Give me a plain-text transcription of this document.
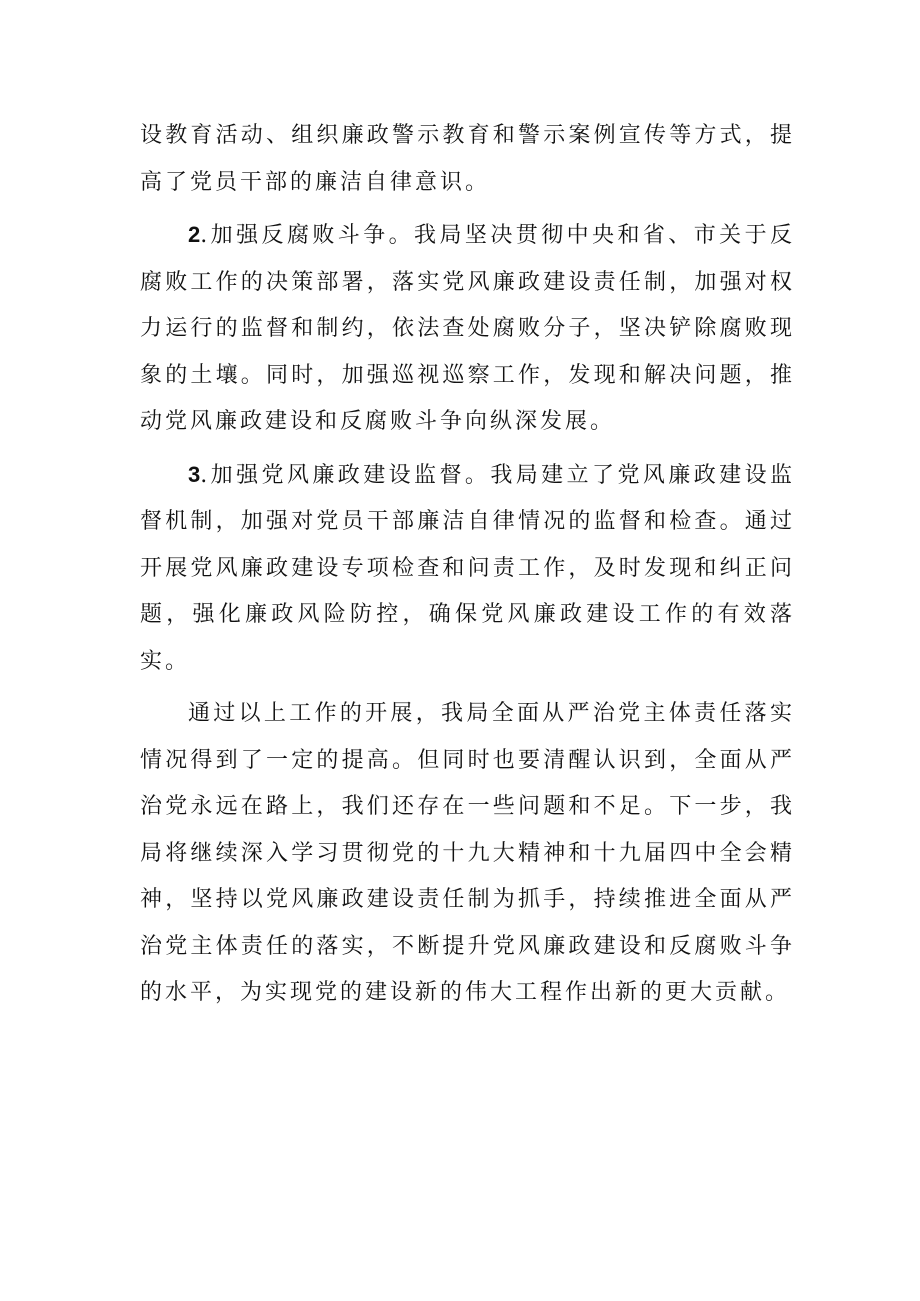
设教育活动、组织廉政警示教育和警示案例宣传等方式，提高了党员干部的廉洁自律意识。

2.加强反腐败斗争。我局坚决贯彻中央和省、市关于反腐败工作的决策部署，落实党风廉政建设责任制，加强对权力运行的监督和制约，依法查处腐败分子，坚决铲除腐败现象的土壤。同时，加强巡视巡察工作，发现和解决问题，推动党风廉政建设和反腐败斗争向纵深发展。

3.加强党风廉政建设监督。我局建立了党风廉政建设监督机制，加强对党员干部廉洁自律情况的监督和检查。通过开展党风廉政建设专项检查和问责工作，及时发现和纠正问题，强化廉政风险防控，确保党风廉政建设工作的有效落实。

通过以上工作的开展，我局全面从严治党主体责任落实情况得到了一定的提高。但同时也要清醒认识到，全面从严治党永远在路上，我们还存在一些问题和不足。下一步，我局将继续深入学习贯彻党的十九大精神和十九届四中全会精神，坚持以党风廉政建设责任制为抓手，持续推进全面从严治党主体责任的落实，不断提升党风廉政建设和反腐败斗争的水平，为实现党的建设新的伟大工程作出新的更大贡献。
